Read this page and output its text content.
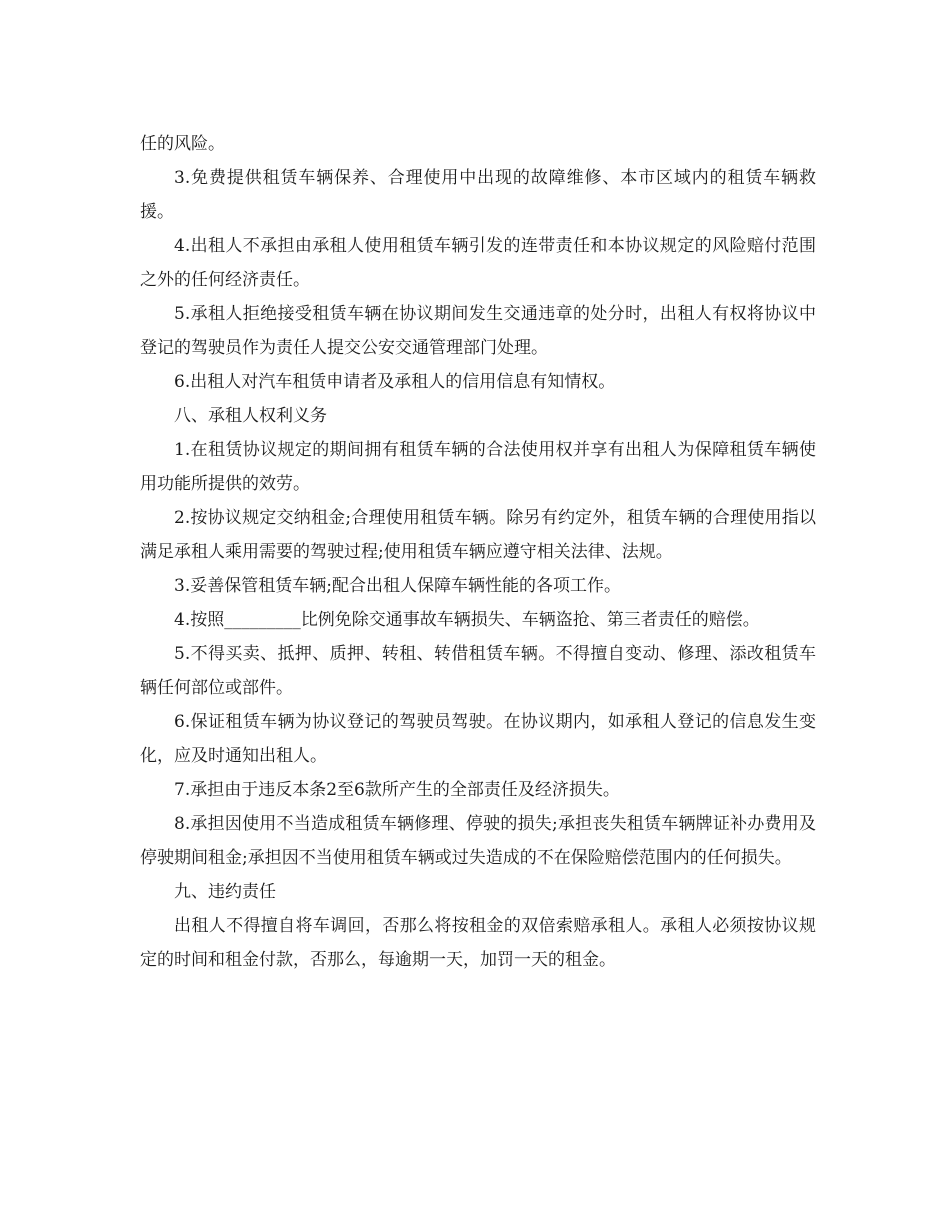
任的风险。

3.免费提供租赁车辆保养、合理使用中出现的故障维修、本市区域内的租赁车辆救援。

4.出租人不承担由承租人使用租赁车辆引发的连带责任和本协议规定的风险赔付范围之外的任何经济责任。

5.承租人拒绝接受租赁车辆在协议期间发生交通违章的处分时，出租人有权将协议中登记的驾驶员作为责任人提交公安交通管理部门处理。

6.出租人对汽车租赁申请者及承租人的信用信息有知情权。

八、承租人权利义务

1.在租赁协议规定的期间拥有租赁车辆的合法使用权并享有出租人为保障租赁车辆使用功能所提供的效劳。

2.按协议规定交纳租金;合理使用租赁车辆。除另有约定外，租赁车辆的合理使用指以满足承租人乘用需要的驾驶过程;使用租赁车辆应遵守相关法律、法规。

3.妥善保管租赁车辆;配合出租人保障车辆性能的各项工作。

4.按照_________比例免除交通事故车辆损失、车辆盗抢、第三者责任的赔偿。

5.不得买卖、抵押、质押、转租、转借租赁车辆。不得擅自变动、修理、添改租赁车辆任何部位或部件。

6.保证租赁车辆为协议登记的驾驶员驾驶。在协议期内，如承租人登记的信息发生变化，应及时通知出租人。

7.承担由于违反本条2至6款所产生的全部责任及经济损失。

8.承担因使用不当造成租赁车辆修理、停驶的损失;承担丧失租赁车辆牌证补办费用及停驶期间租金;承担因不当使用租赁车辆或过失造成的不在保险赔偿范围内的任何损失。

九、违约责任

出租人不得擅自将车调回，否那么将按租金的双倍索赔承租人。承租人必须按协议规定的时间和租金付款，否那么，每逾期一天，加罚一天的租金。
